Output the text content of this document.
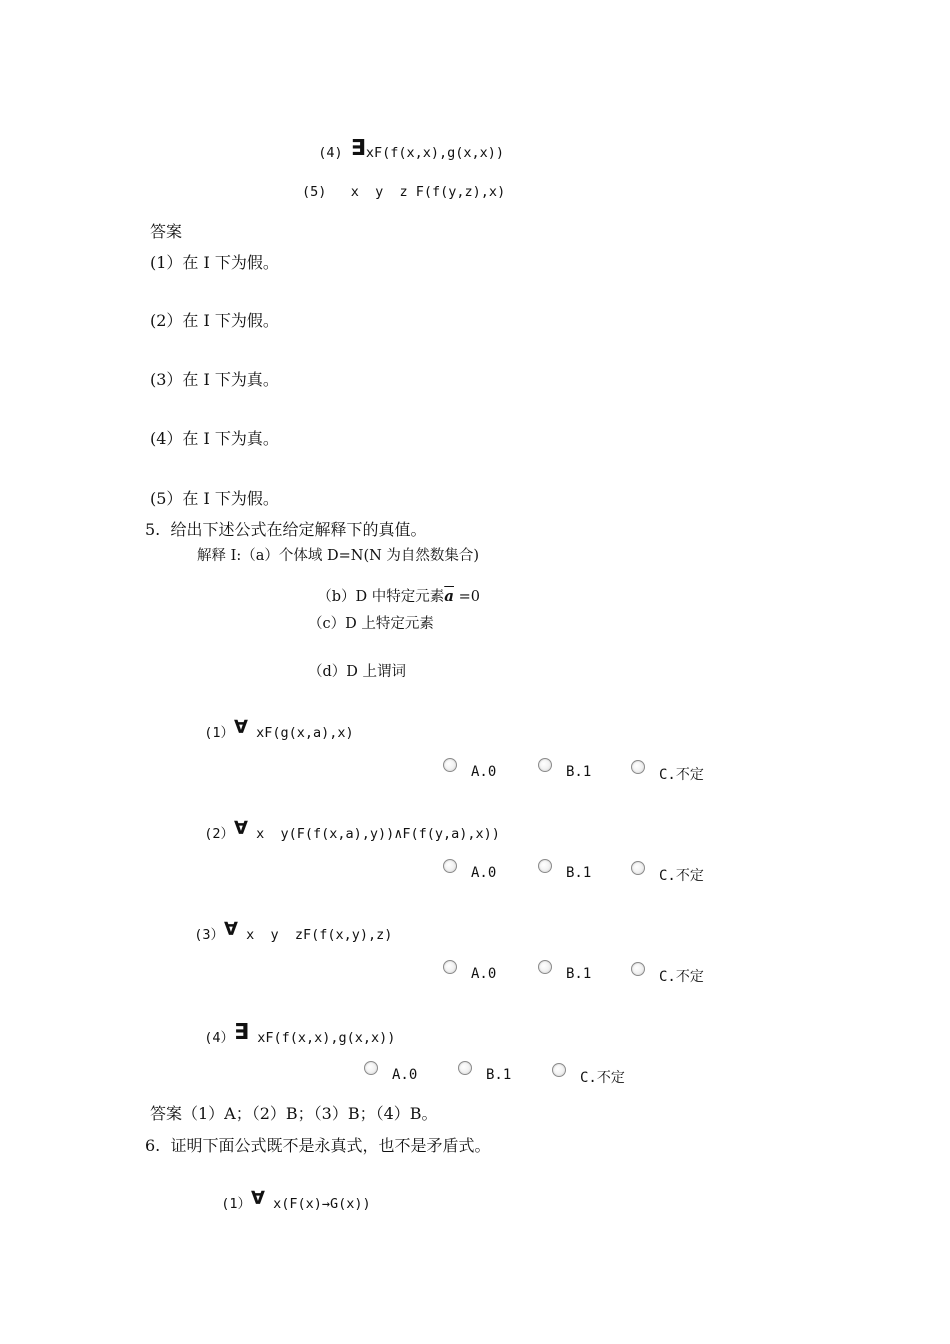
(4) ∃xF(f(x,x),g(x,x))

(5)   x  y  z F(f(y,z),x)
答案
(1）在 I 下为假。
(2）在 I 下为假。
(3）在 I 下为真。
(4）在 I 下为真。
(5）在 I 下为假。
5.  给出下述公式在给定解释下的真值。
解释 I:（a）个体域 D=N(N 为自然数集合)

（b）D 中特定元素$\overline{a} =0$

（c）D 上特定元素
（d）D 上谓词

(1）∀ xF(g(x,a),x)

A.0	B.1	C.不定

(2）∀ x  y(F(f(x,a),y))∧F(f(y,a),x))

A.0	B.1	C.不定

(3）∀ x  y  zF(f(x,y),z)

A.0	B.1	C.不定

(4）∃ xF(f(x,x),g(x,x))

A.0	B.1	C.不定
答案（1）A；（2）B；（3）B；（4）B。
6.  证明下面公式既不是永真式，也不是矛盾式。

(1）∀ x(F(x)→G(x))
